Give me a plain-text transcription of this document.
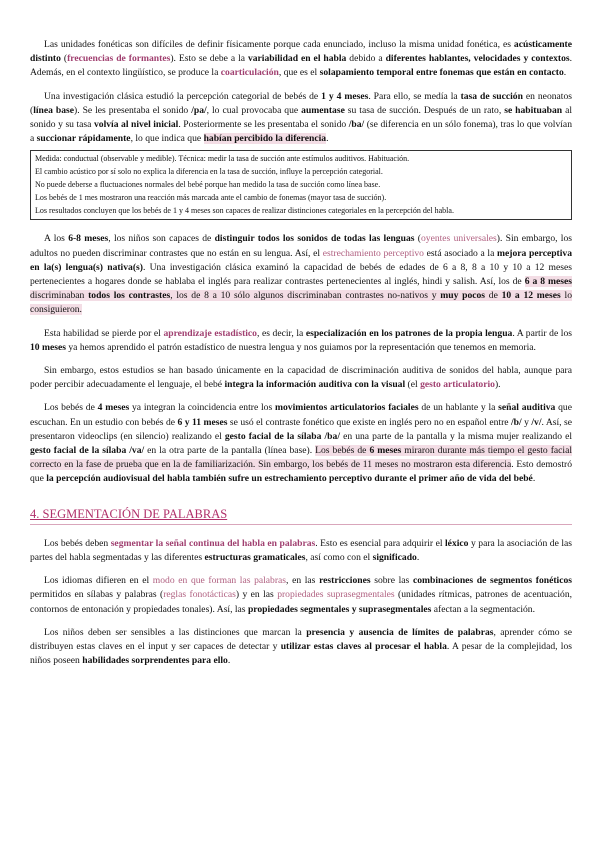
Las unidades fonéticas son difíciles de definir físicamente porque cada enunciado, incluso la misma unidad fonética, es acústicamente distinto (frecuencias de formantes). Esto se debe a la variabilidad en el habla debido a diferentes hablantes, velocidades y contextos. Además, en el contexto lingüístico, se produce la coarticulación, que es el solapamiento temporal entre fonemas que están en contacto.

Una investigación clásica estudió la percepción categorial de bebés de 1 y 4 meses. Para ello, se medía la tasa de succión en neonatos (línea base). Se les presentaba el sonido /pa/, lo cual provocaba que aumentase su tasa de succión. Después de un rato, se habituaban al sonido y su tasa volvía al nivel inicial. Posteriormente se les presentaba el sonido /ba/ (se diferencia en un sólo fonema), tras lo que volvían a succionar rápidamente, lo que indica que habían percibido la diferencia.

Medida: conductual (observable y medible). Técnica: medir la tasa de succión ante estímulos auditivos. Habituación.
El cambio acústico por sí solo no explica la diferencia en la tasa de succión, influye la percepción categorial.
No puede deberse a fluctuaciones normales del bebé porque han medido la tasa de succión como línea base.
Los bebés de 1 mes mostraron una reacción más marcada ante el cambio de fonemas (mayor tasa de succión).
Los resultados concluyen que los bebés de 1 y 4 meses son capaces de realizar distinciones categoriales en la percepción del habla.

A los 6-8 meses, los niños son capaces de distinguir todos los sonidos de todas las lenguas (oyentes universales). Sin embargo, los adultos no pueden discriminar contrastes que no están en su lengua. Así, el estrechamiento perceptivo está asociado a la mejora perceptiva en la(s) lengua(s) nativa(s). Una investigación clásica examinó la capacidad de bebés de edades de 6 a 8, 8 a 10 y 10 a 12 meses pertenecientes a hogares donde se hablaba el inglés para realizar contrastes pertenecientes al inglés, hindi y salish. Así, los de 6 a 8 meses discriminaban todos los contrastes, los de 8 a 10 sólo algunos discriminaban contrastes no-nativos y muy pocos de 10 a 12 meses lo consiguieron.

Esta habilidad se pierde por el aprendizaje estadístico, es decir, la especialización en los patrones de la propia lengua. A partir de los 10 meses ya hemos aprendido el patrón estadístico de nuestra lengua y nos guiamos por la representación que tenemos en memoria.

Sin embargo, estos estudios se han basado únicamente en la capacidad de discriminación auditiva de sonidos del habla, aunque para poder percibir adecuadamente el lenguaje, el bebé integra la información auditiva con la visual (el gesto articulatorio).

Los bebés de 4 meses ya integran la coincidencia entre los movimientos articulatorios faciales de un hablante y la señal auditiva que escuchan. En un estudio con bebés de 6 y 11 meses se usó el contraste fonético que existe en inglés pero no en español entre /b/ y /v/. Así, se presentaron videoclips (en silencio) realizando el gesto facial de la sílaba /ba/ en una parte de la pantalla y la misma mujer realizando el gesto facial de la sílaba /va/ en la otra parte de la pantalla (línea base). Los bebés de 6 meses miraron durante más tiempo el gesto facial correcto en la fase de prueba que en la de familiarización. Sin embargo, los bebés de 11 meses no mostraron esta diferencia. Esto demostró que la percepción audiovisual del habla también sufre un estrechamiento perceptivo durante el primer año de vida del bebé.

4. SEGMENTACIÓN DE PALABRAS

Los bebés deben segmentar la señal continua del habla en palabras. Esto es esencial para adquirir el léxico y para la asociación de las partes del habla segmentadas y las diferentes estructuras gramaticales, así como con el significado.

Los idiomas difieren en el modo en que forman las palabras, en las restricciones sobre las combinaciones de segmentos fonéticos permitidos en sílabas y palabras (reglas fonotácticas) y en las propiedades suprasegmentales (unidades rítmicas, patrones de acentuación, contornos de entonación y propiedades tonales). Así, las propiedades segmentales y suprasegmentales afectan a la segmentación.

Los niños deben ser sensibles a las distinciones que marcan la presencia y ausencia de límites de palabras, aprender cómo se distribuyen estas claves en el input y ser capaces de detectar y utilizar estas claves al procesar el habla. A pesar de la complejidad, los niños poseen habilidades sorprendentes para ello.
